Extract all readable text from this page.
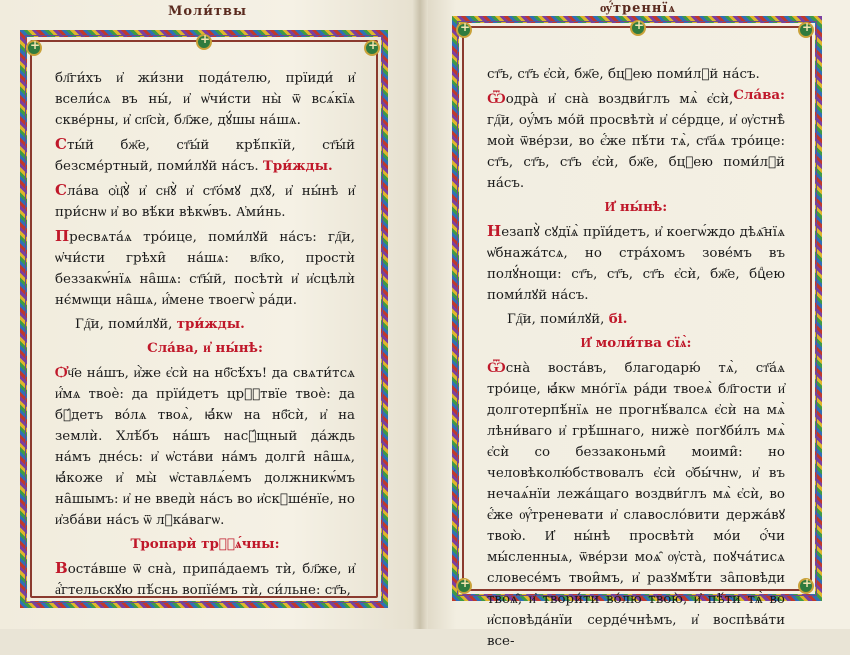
Моли́твы	ѹ҆́треннїѧ
+
+
+
+
+
+
+
+

бл҃ги́хъ и҆ жи́зни пода́телю, прїиди́ и҆ всели́сѧ въ ны́, и҆ ѡ҆чи́сти ны̀ ѿ всѧ́кїѧ скве́рны, и҆ сп҃сѝ, бл҃же, дꙋ́шы на́шѧ.

Сты́й бж҃е, ст҃ы́й крѣ́пкїй, ст҃ы́й безсме́ртный, поми́лꙋй на́съ. Три́жды.

Сла́ва ѻ҆ц҃ꙋ̀ и҆ сн҃ꙋ̀ и҆ ст҃о́мꙋ дх҃ꙋ, и҆ ны́нѣ и҆ при́снѡ и҆ во вѣ́ки вѣкѡ́въ. А҆ми́нь.

Пресвѧта́ѧ тро́ице, поми́лꙋй на́съ: гд҇и, ѡ҆чи́сти грѣхи̑ на́шѧ: вл҃ко, простѝ беззакѡ́нїѧ на̑шѧ: ст҃ы́й, посѣтѝ и҆ и҆сцѣлѝ нє́мѡщи на̑шѧ, и҆́мене твоегѡ̀ ра́ди.

Гд҇и, поми́лꙋй, три́жды.

Сла́ва, и҆ ны́нѣ:

Ѻ҆ч҃е на́шъ, и҆̀же є҆сѝ на нб҃сѣ́хъ! да свѧти́тсѧ и҆́мѧ твоѐ: да прїи́детъ црⷭ҇твїе твоѐ: да бꙋ́детъ во́лѧ твоѧ̀, ꙗ҆́кѡ на нб҃сѝ, и҆ на землѝ. Хлѣ́бъ на́шъ насꙋ́щный да́ждь на́мъ дне́сь: и҆ ѡ҆ста́ви на́мъ долги̑ на̑шѧ, ꙗ҆́коже и҆ мы̀ ѡ҆ставлѧ́емъ должникѡ́мъ на̑шымъ: и҆ не введѝ на́съ во и҆скꙋше́нїе, но и҆зба́ви на́съ ѿ лꙋка́вагѡ.

Тропарѝ трⷪ҇ѧ́чны:

Воста́вше ѿ сна̀, припа́даемъ тѝ, бл҃же, и҆ а҆́гтельскꙋю пѣ́снь вопїе́мъ тѝ, си́льне: ст҃ъ,

ст҃ъ, ст҃ъ є҆сѝ, бж҃е, бцⷣею поми́лꙋй на́съ.
Сла́ва:

Ѿодра̀ и҆ сна̀ воздви́глъ мѧ̀ є҆сѝ, гд҇и, оу҆́мъ мо́й просвѣтѝ и҆ се́рдце, и҆ ѹ҆стнѣ̀ моѝ ѿве́рзи, во є҆́же пѣ́ти тѧ̀, ст҃а́ѧ тро́ице: ст҃ъ, ст҃ъ, ст҃ъ є҆сѝ, бж҃е, бцⷣею поми́лꙋй на́съ.

И҆ ны́нѣ:

Незапꙋ̀ сꙋдїѧ̀ прїи́детъ, и҆ коегѡ́ждо дѣѧ҄нїѧ ѡ҆бнажа́тсѧ, но стра́хомъ зове́мъ въ полꙋ́нощи: ст҃ъ, ст҃ъ, ст҃ъ є҆сѝ, бж҃е, бцⷣею поми́лꙋй на́съ.

Гд҇и, поми́лꙋй, бі.

И҆ моли́тва сїѧ̀:

Ѿсна̀ воста́въ, благодарю́ тѧ̀, ст҃а́ѧ тро́ице, ꙗ҆́кѡ мно́гїѧ ра́ди твоеѧ̀ бл҃гости и҆ долготерпѣ́нїѧ не прогнѣ́валсѧ є҆сѝ на мѧ̀ лѣни́ваго и҆ грѣ́шнаго, нижѐ погꙋби́лъ мѧ̀ є҆сѝ со беззаконьми̑ моими̑: но человѣколю́бствовалъ є҆сѝ ѻ҆бы́чнѡ, и҆ въ нечаѧ́нїи лежа́щаго воздви́глъ мѧ̀ є҆сѝ, во є҆́же ѹ҆́треневати и҆ славосло́вити держа́вꙋ твою̀. И҆ ны́нѣ просвѣтѝ мо́и ѻ҆́чи мы́сленныѧ, ѿве́рзи моѧ̑ ѹ҆ста̀, поꙋча́тисѧ словесе́мъ твои̑мъ, и҆ разꙋмѣ́ти за̑повѣди твоѧ̑, и҆ твори́ти во́лю твою̀, и҆ пѣ́ти тѧ̀ во и҆сповѣда́нїи серде́чнѣмъ, и҆ воспѣва́ти все-
